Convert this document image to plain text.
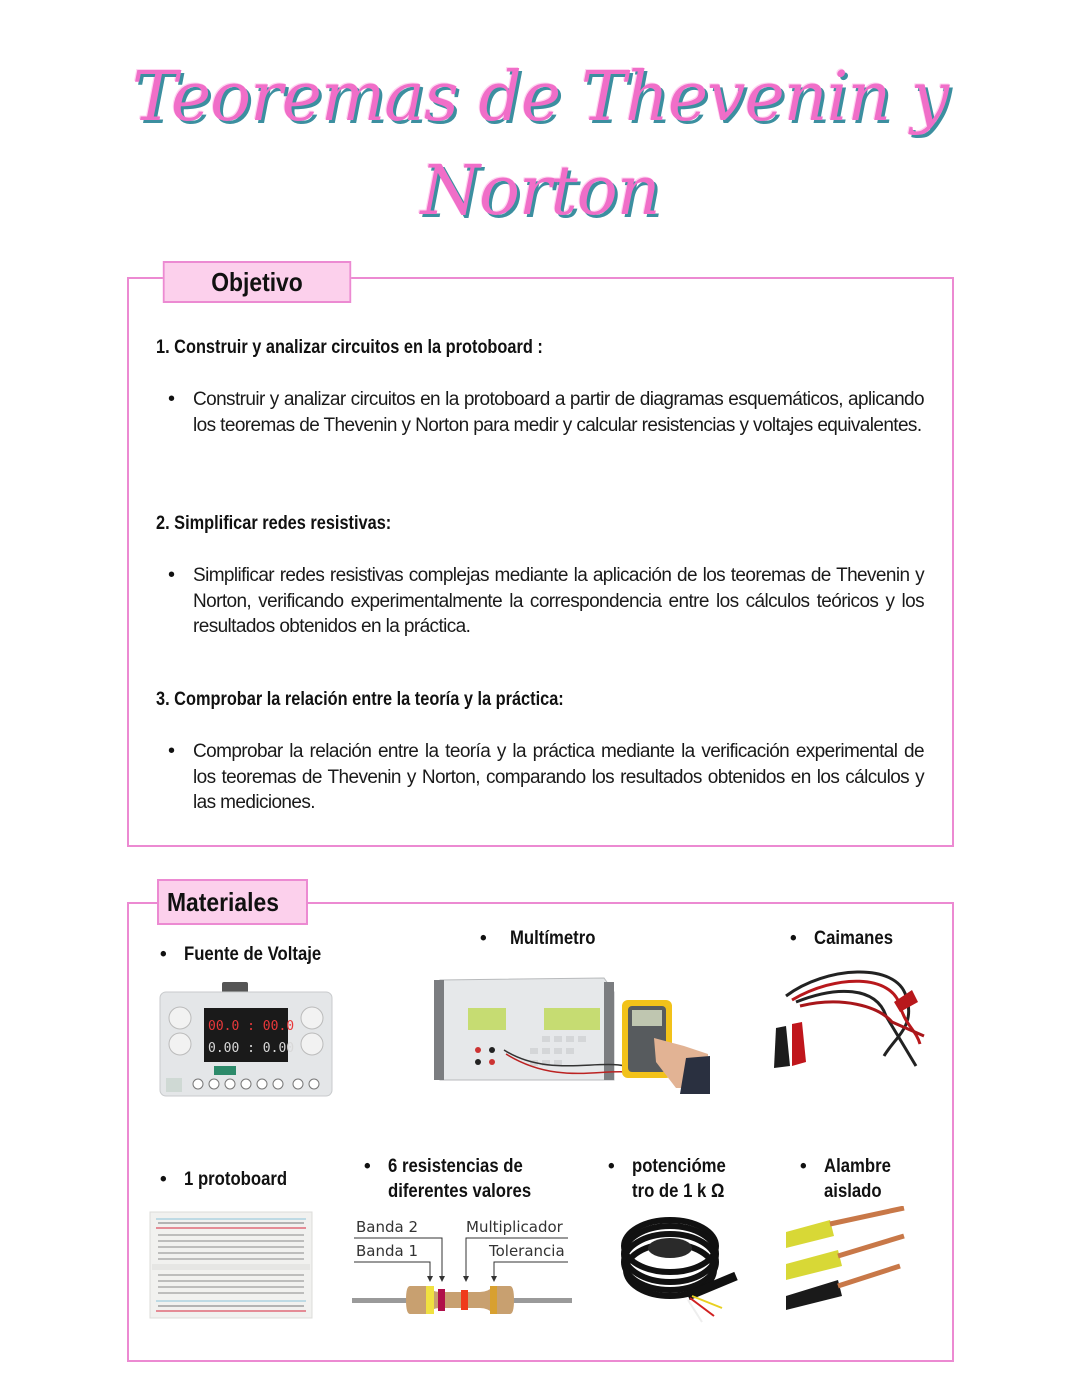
Teoremas de Thevenin y
Norton
Objetivo
1. Construir y analizar circuitos en la protoboard :
• Construir y analizar circuitos en la protoboard a partir de diagramas esquemáticos, aplicando los teoremas de Thevenin y Norton para medir y calcular resistencias y voltajes equivalentes.
2. Simplificar redes resistivas:
• Simplificar redes resistivas complejas mediante la aplicación de los teoremas de Thevenin y Norton, verificando experimentalmente la correspondencia entre los cálculos teóricos y los resultados obtenidos en la práctica.
3. Comprobar la relación entre la teoría y la práctica:
• Comprobar la relación entre la teoría y la práctica mediante la verificación experimental de los teoremas de Thevenin y Norton, comparando los resultados obtenidos en los cálculos y las mediciones.
Materiales
• Fuente de Voltaje
• Multímetro	• Caimanes
00.0 : 00.0
0.00 : 0.00
• 1 protoboard
• 6 resistencias de
diferentes valores
• potencióme
tro de 1 k Ω
• Alambre
aislado
Banda 2	Multiplicador
Banda 1	Tolerancia
